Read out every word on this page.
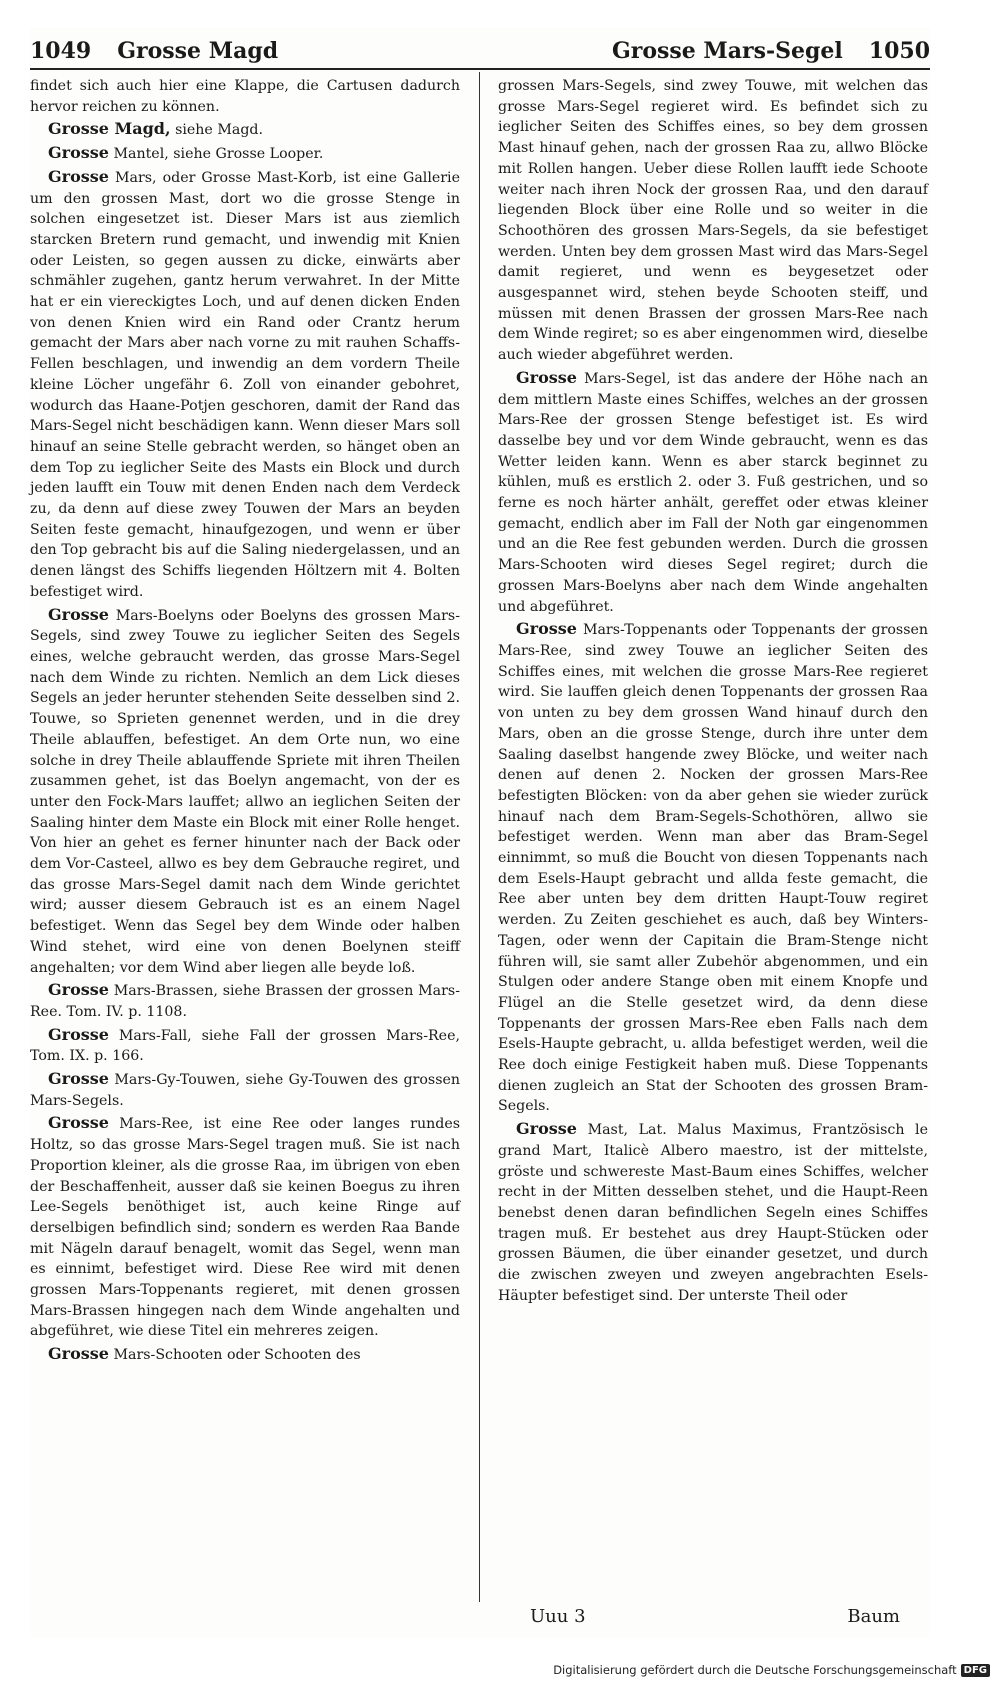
1049 Grosse Magd	Grosse Mars-Segel 1050

findet sich auch hier eine Klappe, die Cartusen dadurch hervor reichen zu können.

Grosse Magd, siehe Magd.

Grosse Mantel, siehe Grosse Looper.

Grosse Mars, oder Grosse Mast-Korb, ist eine Gallerie um den grossen Mast, dort wo die grosse Stenge in solchen eingesetzet ist. Dieser Mars ist aus ziemlich starcken Bretern rund gemacht, und inwendig mit Knien oder Leisten, so gegen aussen zu dicke, einwärts aber schmähler zugehen, gantz herum verwahret. In der Mitte hat er ein viereckigtes Loch, und auf denen dicken Enden von denen Knien wird ein Rand oder Crantz herum gemacht der Mars aber nach vorne zu mit rauhen Schaffs-Fellen beschlagen, und inwendig an dem vordern Theile kleine Löcher ungefähr 6. Zoll von einander gebohret, wodurch das Haane-Potjen geschoren, damit der Rand das Mars-Segel nicht beschädigen kann. Wenn dieser Mars soll hinauf an seine Stelle gebracht werden, so hänget oben an dem Top zu ieglicher Seite des Masts ein Block und durch jeden laufft ein Touw mit denen Enden nach dem Verdeck zu, da denn auf diese zwey Touwen der Mars an beyden Seiten feste gemacht, hinaufgezogen, und wenn er über den Top gebracht bis auf die Saling niedergelassen, und an denen längst des Schiffs liegenden Höltzern mit 4. Bolten befestiget wird.

Grosse Mars-Boelyns oder Boelyns des grossen Mars-Segels, sind zwey Touwe zu ieglicher Seiten des Segels eines, welche gebraucht werden, das grosse Mars-Segel nach dem Winde zu richten. Nemlich an dem Lick dieses Segels an jeder herunter stehenden Seite desselben sind 2. Touwe, so Sprieten genennet werden, und in die drey Theile ablauffen, befestiget. An dem Orte nun, wo eine solche in drey Theile ablauffende Spriete mit ihren Theilen zusammen gehet, ist das Boelyn angemacht, von der es unter den Fock-Mars lauffet; allwo an ieglichen Seiten der Saaling hinter dem Maste ein Block mit einer Rolle henget. Von hier an gehet es ferner hinunter nach der Back oder dem Vor-Casteel, allwo es bey dem Gebrauche regiret, und das grosse Mars-Segel damit nach dem Winde gerichtet wird; ausser diesem Gebrauch ist es an einem Nagel befestiget. Wenn das Segel bey dem Winde oder halben Wind stehet, wird eine von denen Boelynen steiff angehalten; vor dem Wind aber liegen alle beyde loß.

Grosse Mars-Brassen, siehe Brassen der grossen Mars-Ree. Tom. IV. p. 1108.

Grosse Mars-Fall, siehe Fall der grossen Mars-Ree, Tom. IX. p. 166.

Grosse Mars-Gy-Touwen, siehe Gy-Touwen des grossen Mars-Segels.

Grosse Mars-Ree, ist eine Ree oder langes rundes Holtz, so das grosse Mars-Segel tragen muß. Sie ist nach Proportion kleiner, als die grosse Raa, im übrigen von eben der Beschaffenheit, ausser daß sie keinen Boegus zu ihren Lee-Segels benöthiget ist, auch keine Ringe auf derselbigen befindlich sind; sondern es werden Raa Bande mit Nägeln darauf benagelt, womit das Segel, wenn man es einnimt, befestiget wird. Diese Ree wird mit denen grossen Mars-Toppenants regieret, mit denen grossen Mars-Brassen hingegen nach dem Winde angehalten und abgeführet, wie diese Titel ein mehreres zeigen.

Grosse Mars-Schooten oder Schooten des

grossen Mars-Segels, sind zwey Touwe, mit welchen das grosse Mars-Segel regieret wird. Es befindet sich zu ieglicher Seiten des Schiffes eines, so bey dem grossen Mast hinauf gehen, nach der grossen Raa zu, allwo Blöcke mit Rollen hangen. Ueber diese Rollen laufft iede Schoote weiter nach ihren Nock der grossen Raa, und den darauf liegenden Block über eine Rolle und so weiter in die Schoothören des grossen Mars-Segels, da sie befestiget werden. Unten bey dem grossen Mast wird das Mars-Segel damit regieret, und wenn es beygesetzet oder ausgespannet wird, stehen beyde Schooten steiff, und müssen mit denen Brassen der grossen Mars-Ree nach dem Winde regiret; so es aber eingenommen wird, dieselbe auch wieder abgeführet werden.

Grosse Mars-Segel, ist das andere der Höhe nach an dem mittlern Maste eines Schiffes, welches an der grossen Mars-Ree der grossen Stenge befestiget ist. Es wird dasselbe bey und vor dem Winde gebraucht, wenn es das Wetter leiden kann. Wenn es aber starck beginnet zu kühlen, muß es erstlich 2. oder 3. Fuß gestrichen, und so ferne es noch härter anhält, gereffet oder etwas kleiner gemacht, endlich aber im Fall der Noth gar eingenommen und an die Ree fest gebunden werden. Durch die grossen Mars-Schooten wird dieses Segel regiret; durch die grossen Mars-Boelyns aber nach dem Winde angehalten und abgeführet.

Grosse Mars-Toppenants oder Toppenants der grossen Mars-Ree, sind zwey Touwe an ieglicher Seiten des Schiffes eines, mit welchen die grosse Mars-Ree regieret wird. Sie lauffen gleich denen Toppenants der grossen Raa von unten zu bey dem grossen Wand hinauf durch den Mars, oben an die grosse Stenge, durch ihre unter dem Saaling daselbst hangende zwey Blöcke, und weiter nach denen auf denen 2. Nocken der grossen Mars-Ree befestigten Blöcken: von da aber gehen sie wieder zurück hinauf nach dem Bram-Segels-Schothören, allwo sie befestiget werden. Wenn man aber das Bram-Segel einnimmt, so muß die Boucht von diesen Toppenants nach dem Esels-Haupt gebracht und allda feste gemacht, die Ree aber unten bey dem dritten Haupt-Touw regiret werden. Zu Zeiten geschiehet es auch, daß bey Winters-Tagen, oder wenn der Capitain die Bram-Stenge nicht führen will, sie samt aller Zubehör abgenommen, und ein Stulgen oder andere Stange oben mit einem Knopfe und Flügel an die Stelle gesetzet wird, da denn diese Toppenants der grossen Mars-Ree eben Falls nach dem Esels-Haupte gebracht, u. allda befestiget werden, weil die Ree doch einige Festigkeit haben muß. Diese Toppenants dienen zugleich an Stat der Schooten des grossen Bram-Segels.

Grosse Mast, Lat. Malus Maximus, Frantzösisch le grand Mart, Italicè Albero maestro, ist der mittelste, gröste und schwereste Mast-Baum eines Schiffes, welcher recht in der Mitten desselben stehet, und die Haupt-Reen benebst denen daran befindlichen Segeln eines Schiffes tragen muß. Er bestehet aus drey Haupt-Stücken oder grossen Bäumen, die über einander gesetzet, und durch die zwischen zweyen und zweyen angebrachten Esels-Häupter befestiget sind. Der unterste Theil oder

Uuu 3	Baum
Digitalisierung gefördert durch die Deutsche Forschungsgemeinschaft DFG
